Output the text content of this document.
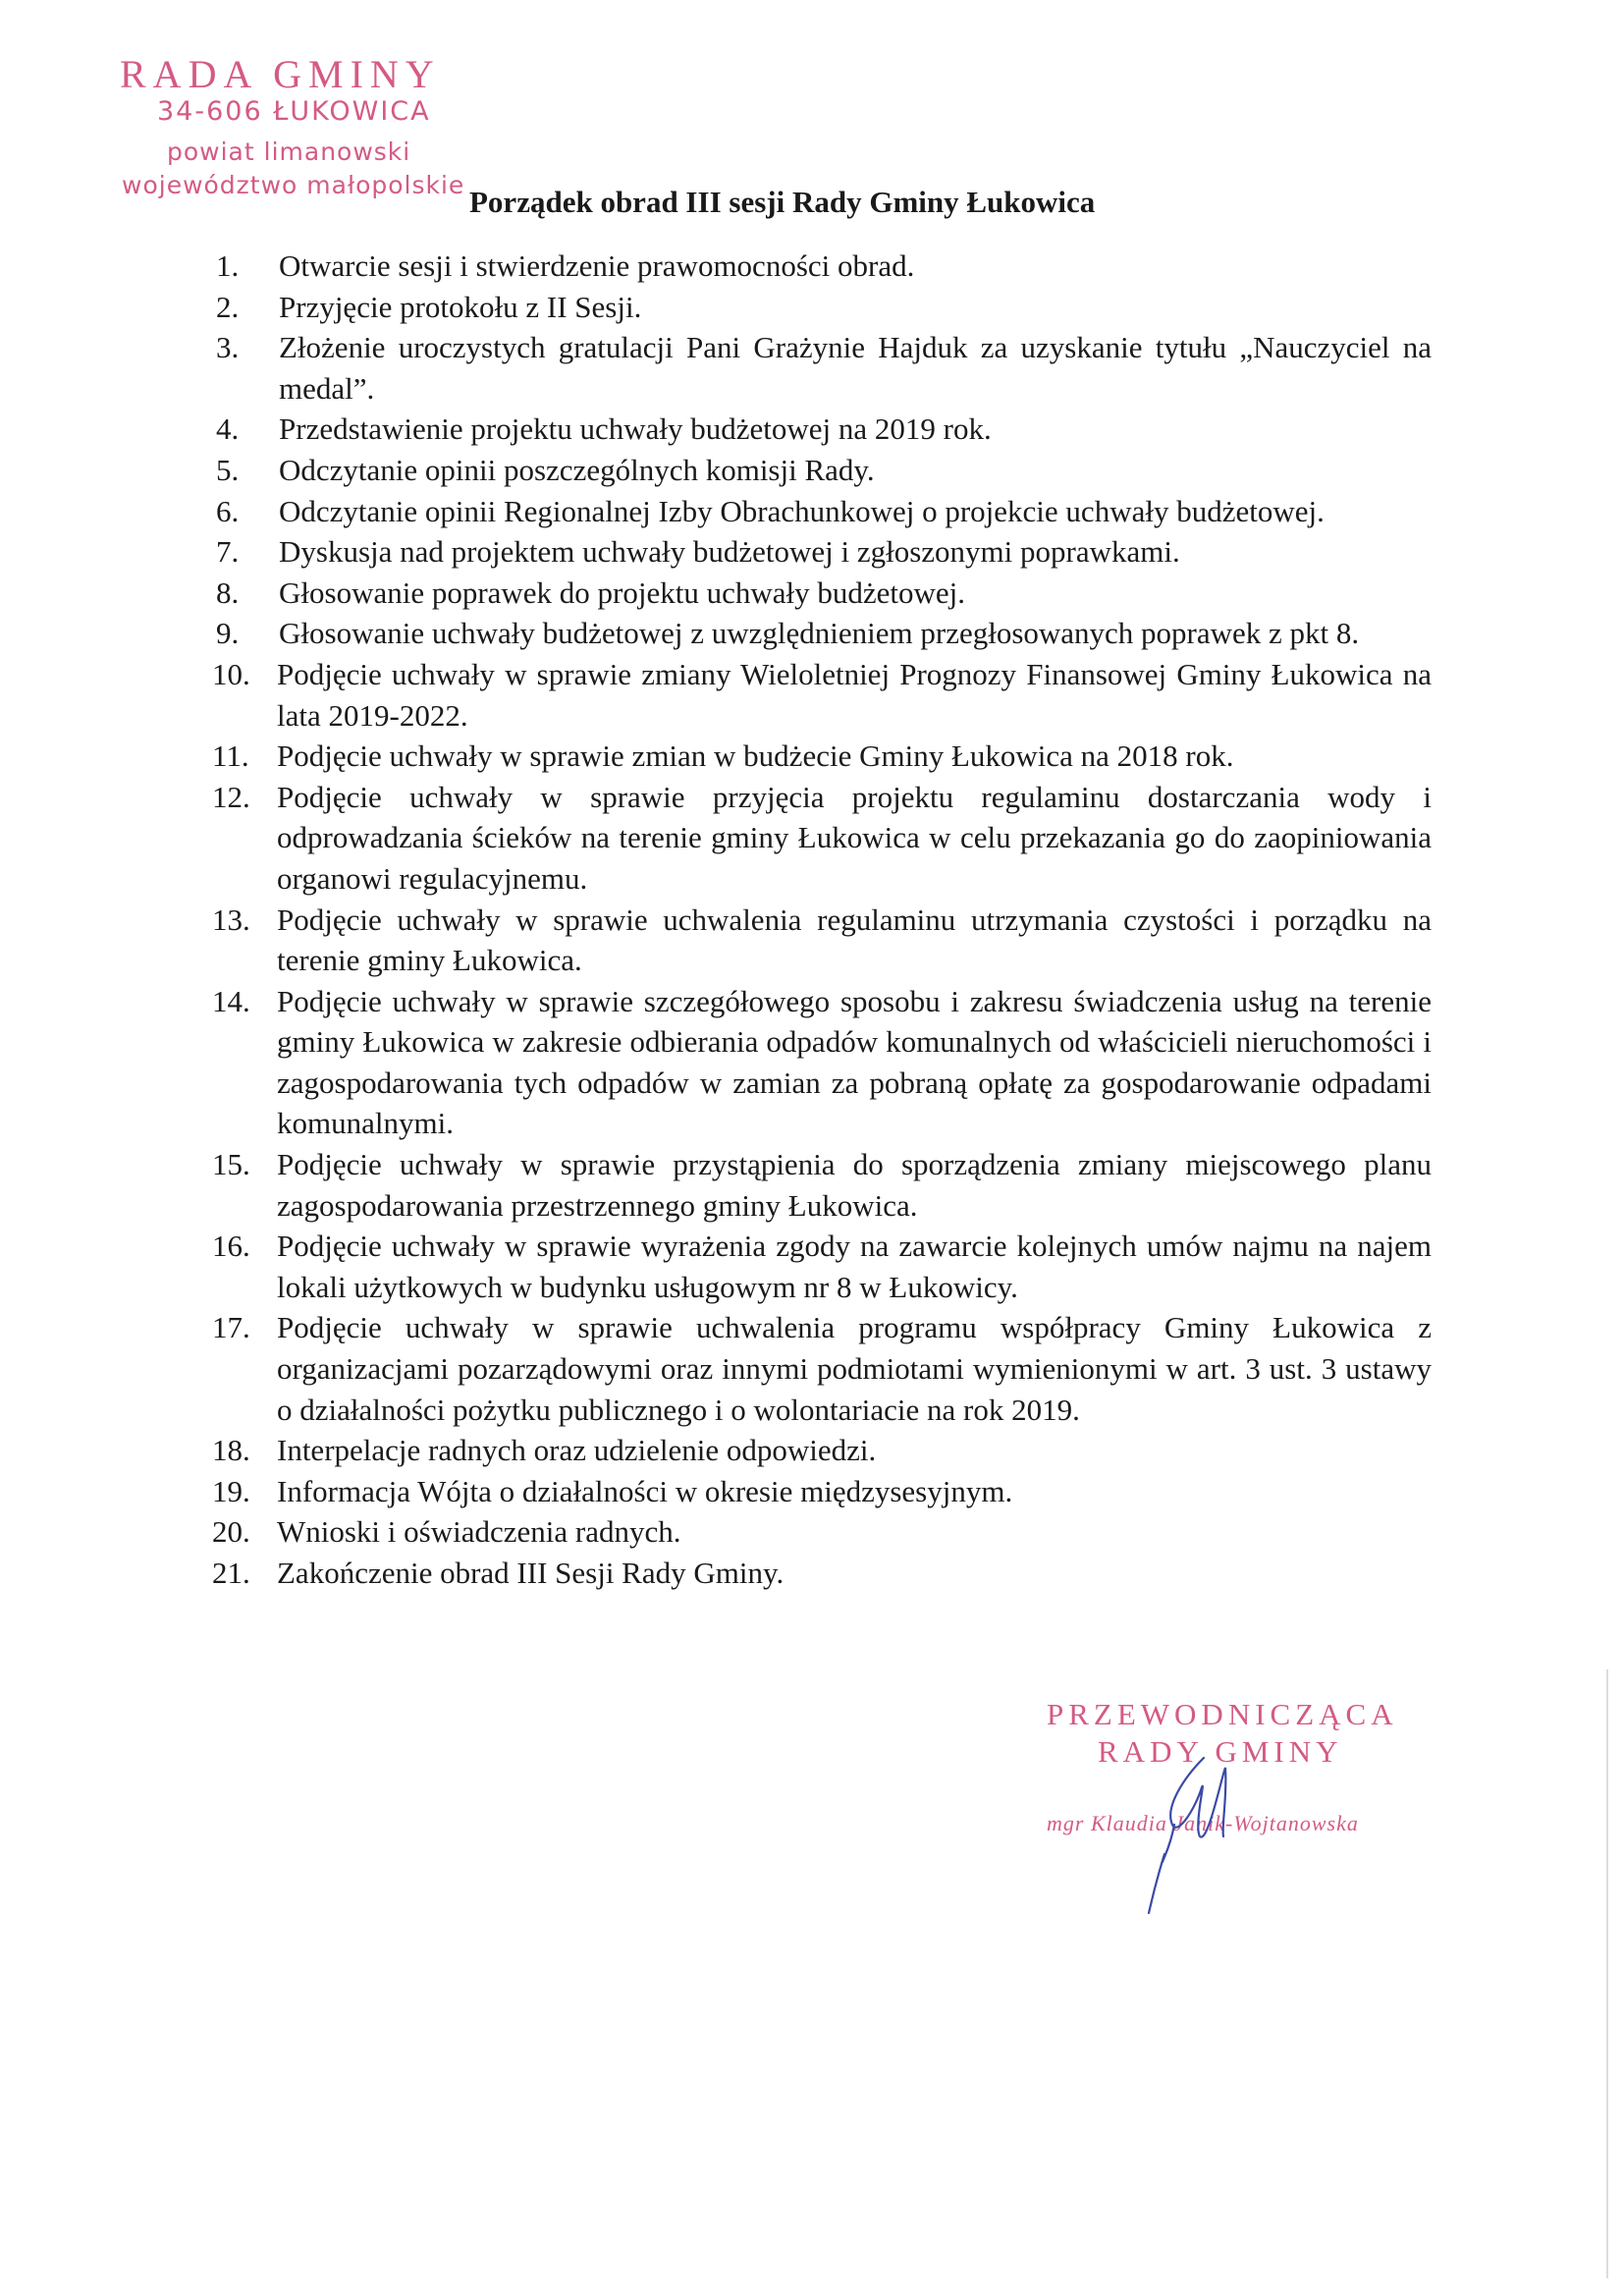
RADA GMINY
34-606 ŁUKOWICA
powiat limanowski
województwo małopolskie Porządek obrad III sesji Rady Gminy Łukowica
1.	Otwarcie sesji i stwierdzenie prawomocności obrad.
2.	Przyjęcie protokołu z II Sesji.
3.	Złożenie uroczystych gratulacji Pani Grażynie Hajduk za uzyskanie tytułu „Nauczyciel na medal”.
4.	Przedstawienie projektu uchwały budżetowej na 2019 rok.
5.	Odczytanie opinii poszczególnych komisji Rady.
6.	Odczytanie opinii Regionalnej Izby Obrachunkowej o projekcie uchwały budżetowej.
7.	Dyskusja nad projektem uchwały budżetowej i zgłoszonymi poprawkami.
8.	Głosowanie poprawek do projektu uchwały budżetowej.
9.	Głosowanie uchwały budżetowej z uwzględnieniem przegłosowanych poprawek z pkt 8.
10. Podjęcie uchwały w sprawie zmiany Wieloletniej Prognozy Finansowej Gminy Łukowica na lata 2019-2022.
11. Podjęcie uchwały w sprawie zmian w budżecie Gminy Łukowica na 2018 rok.
12. Podjęcie uchwały w sprawie przyjęcia projektu regulaminu dostarczania wody i odprowadzania ścieków na terenie gminy Łukowica w celu przekazania go do zaopiniowania organowi regulacyjnemu.
13. Podjęcie uchwały w sprawie uchwalenia regulaminu utrzymania czystości i porządku na terenie gminy Łukowica.
14. Podjęcie uchwały w sprawie szczegółowego sposobu i zakresu świadczenia usług na terenie gminy Łukowica w zakresie odbierania odpadów komunalnych od właścicieli nieruchomości i zagospodarowania tych odpadów w zamian za pobraną opłatę za gospodarowanie odpadami komunalnymi.
15. Podjęcie uchwały w sprawie przystąpienia do sporządzenia zmiany miejscowego planu zagospodarowania przestrzennego gminy Łukowica.
16. Podjęcie uchwały w sprawie wyrażenia zgody na zawarcie kolejnych umów najmu na najem lokali użytkowych w budynku usługowym nr 8 w Łukowicy.
17. Podjęcie uchwały w sprawie uchwalenia programu współpracy Gminy Łukowica z organizacjami pozarządowymi oraz innymi podmiotami wymienionymi w art. 3 ust. 3 ustawy o działalności pożytku publicznego i o wolontariacie na rok 2019.
18. Interpelacje radnych oraz udzielenie odpowiedzi.
19. Informacja Wójta o działalności w okresie międzysesyjnym.
20. Wnioski i oświadczenia radnych.
21. Zakończenie obrad III Sesji Rady Gminy.
PRZEWODNICZĄCA
RADY GMINY
mgr Klaudia Janik-Wojtanowska
